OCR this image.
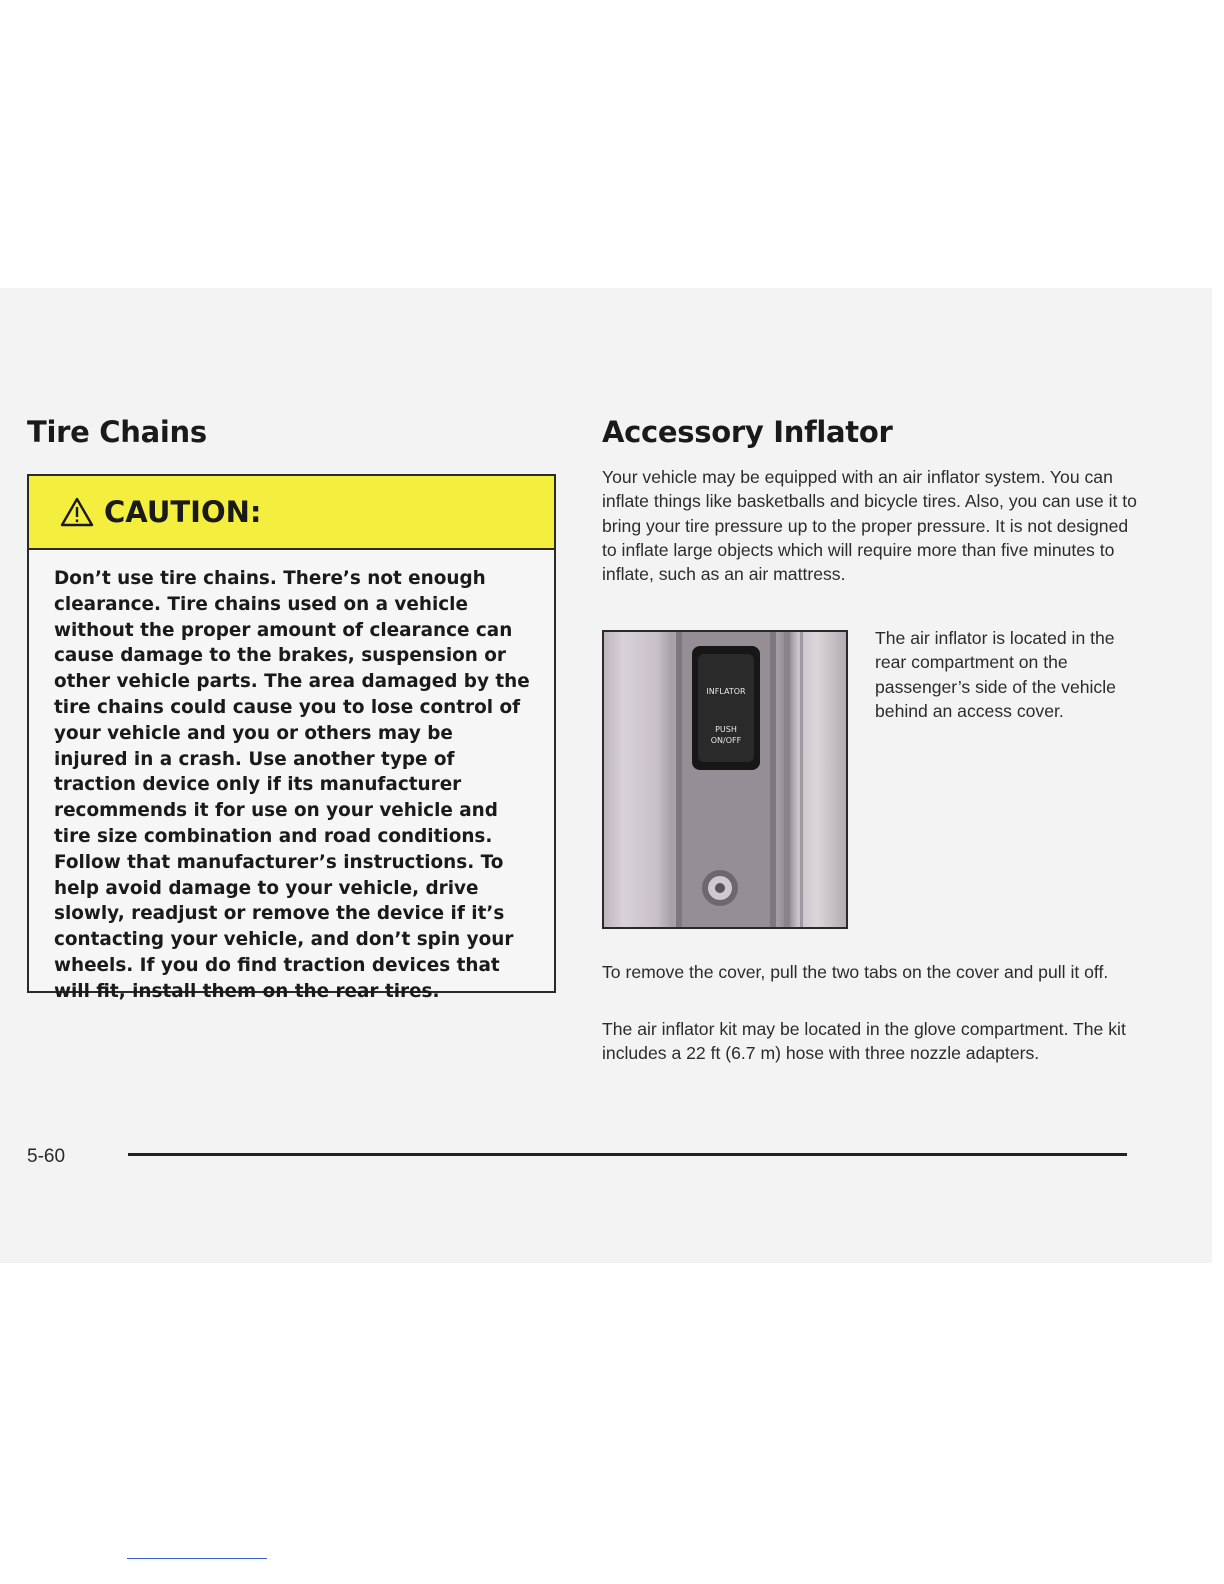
Tire Chains
CAUTION:

Don’t use tire chains. There’s not enough clearance. Tire chains used on a vehicle without the proper amount of clearance can cause damage to the brakes, suspension or other vehicle parts. The area damaged by the tire chains could cause you to lose control of your vehicle and you or others may be injured in a crash. Use another type of traction device only if its manufacturer recommends it for use on your vehicle and tire size combination and road conditions. Follow that manufacturer’s instructions. To help avoid damage to your vehicle, drive slowly, readjust or remove the device if it’s contacting your vehicle, and don’t spin your wheels. If you do find traction devices that will fit, install them on the rear tires.

Accessory Inflator

Your vehicle may be equipped with an air inflator system. You can inflate things like basketballs and bicycle tires. Also, you can use it to bring your tire pressure up to the proper pressure. It is not designed to inflate large objects which will require more than five minutes to inflate, such as an air mattress.

INFLATOR
PUSH
ON/OFF

The air inflator is located in the rear compartment on the passenger’s side of the vehicle behind an access cover.

To remove the cover, pull the two tabs on the cover and pull it off.

The air inflator kit may be located in the glove compartment. The kit includes a 22 ft (6.7 m) hose with three nozzle adapters.

5-60
